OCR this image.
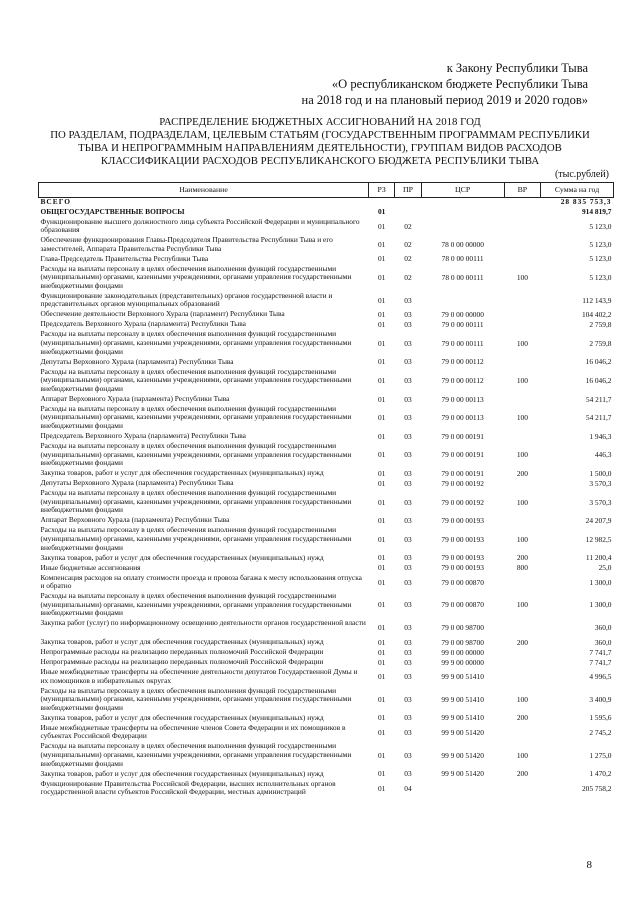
к Закону Республики Тыва
«О республиканском бюджете Республики Тыва
на 2018 год и на плановый период 2019 и 2020 годов»
РАСПРЕДЕЛЕНИЕ БЮДЖЕТНЫХ АССИГНОВАНИЙ НА 2018 ГОД
ПО РАЗДЕЛАМ, ПОДРАЗДЕЛАМ, ЦЕЛЕВЫМ СТАТЬЯМ (ГОСУДАРСТВЕННЫМ ПРОГРАММАМ РЕСПУБЛИКИ
ТЫВА И НЕПРОГРАММНЫМ НАПРАВЛЕНИЯМ ДЕЯТЕЛЬНОСТИ), ГРУППАМ ВИДОВ РАСХОДОВ
КЛАССИФИКАЦИИ РАСХОДОВ РЕСПУБЛИКАНСКОГО БЮДЖЕТА РЕСПУБЛИКИ ТЫВА
(тыс.рублей)
Наименование	РЗ	ПР	ЦСР	ВР	Сумма на год
ВСЕГО					28 835 753,3
ОБЩЕГОСУДАРСТВЕННЫЕ ВОПРОСЫ	01				914 819,7
Функционирование высшего должностного лица субъекта Российской Федерации и муниципального образования	01	02			5 123,0
Обеспечение функционирования Главы-Председателя Правительства Республики Тыва и его заместителей, Аппарата Правительства Республики Тыва	01	02	78 0 00 00000		5 123,0
Глава-Председатель Правительства Республики Тыва	01	02	78 0 00 00111		5 123,0
Расходы на выплаты персоналу в целях обеспечения выполнения функций государственными (муниципальными) органами, казенными учреждениями, органами управления государственными внебюджетными фондами	01	02	78 0 00 00111	100	5 123,0
Функционирование законодательных (представительных) органов государственной власти и представительных органов муниципальных образований	01	03			112 143,9
Обеспечение деятельности Верховного Хурала (парламент) Республики Тыва	01	03	79 0 00 00000		104 402,2
Председатель Верховного Хурала (парламента) Республики Тыва	01	03	79 0 00 00111		2 759,8
Расходы на выплаты персоналу в целях обеспечения выполнения функций государственными (муниципальными) органами, казенными учреждениями, органами управления государственными внебюджетными фондами	01	03	79 0 00 00111	100	2 759,8
Депутаты Верховного Хурала (парламента) Республики Тыва	01	03	79 0 00 00112		16 046,2
Расходы на выплаты персоналу в целях обеспечения выполнения функций государственными (муниципальными) органами, казенными учреждениями, органами управления государственными внебюджетными фондами	01	03	79 0 00 00112	100	16 046,2
Аппарат Верховного Хурала (парламента) Республики Тыва	01	03	79 0 00 00113		54 211,7
Расходы на выплаты персоналу в целях обеспечения выполнения функций государственными (муниципальными) органами, казенными учреждениями, органами управления государственными внебюджетными фондами	01	03	79 0 00 00113	100	54 211,7
Председатель Верховного Хурала (парламента) Республики Тыва	01	03	79 0 00 00191		1 946,3
Расходы на выплаты персоналу в целях обеспечения выполнения функций государственными (муниципальными) органами, казенными учреждениями, органами управления государственными внебюджетными фондами	01	03	79 0 00 00191	100	446,3
Закупка товаров, работ и услуг для обеспечения государственных (муниципальных) нужд	01	03	79 0 00 00191	200	1 500,0
Депутаты Верховного Хурала (парламента) Республики Тыва	01	03	79 0 00 00192		3 570,3
Расходы на выплаты персоналу в целях обеспечения выполнения функций государственными (муниципальными) органами, казенными учреждениями, органами управления государственными внебюджетными фондами	01	03	79 0 00 00192	100	3 570,3
Аппарат Верховного Хурала (парламента) Республики Тыва	01	03	79 0 00 00193		24 207,9
Расходы на выплаты персоналу в целях обеспечения выполнения функций государственными (муниципальными) органами, казенными учреждениями, органами управления государственными внебюджетными фондами	01	03	79 0 00 00193	100	12 982,5
Закупка товаров, работ и услуг для обеспечения государственных (муниципальных) нужд	01	03	79 0 00 00193	200	11 200,4
Иные бюджетные ассигнования	01	03	79 0 00 00193	800	25,0
Компенсация расходов на оплату стоимости проезда и провоза багажа к месту использования отпуска и обратно	01	03	79 0 00 00870		1 300,0
Расходы на выплаты персоналу в целях обеспечения выполнения функций государственными (муниципальными) органами, казенными учреждениями, органами управления государственными внебюджетными фондами	01	03	79 0 00 00870	100	1 300,0
Закупка работ (услуг) по информационному освещению деятельности органов государственной власти	01	03	79 0 00 98700		360,0
Закупка товаров, работ и услуг для обеспечения государственных (муниципальных) нужд	01	03	79 0 00 98700	200	360,0
Непрограммные расходы на реализацию переданных полномочий Российской Федерации	01	03	99 0 00 00000		7 741,7
Непрограммные расходы на реализацию переданных полномочий Российской Федерации	01	03	99 9 00 00000		7 741,7
Иные межбюджетные трансферты на обеспечение деятельности депутатов Государственной Думы и их помощников в избирательных округах	01	03	99 9 00 51410		4 996,5
Расходы на выплаты персоналу в целях обеспечения выполнения функций государственными (муниципальными) органами, казенными учреждениями, органами управления государственными внебюджетными фондами	01	03	99 9 00 51410	100	3 400,9
Закупка товаров, работ и услуг для обеспечения государственных (муниципальных) нужд	01	03	99 9 00 51410	200	1 595,6
Иные межбюджетные трансферты на обеспечение членов Совета Федерации и их помощников в субъектах Российской Федерации	01	03	99 9 00 51420		2 745,2
Расходы на выплаты персоналу в целях обеспечения выполнения функций государственными (муниципальными) органами, казенными учреждениями, органами управления государственными внебюджетными фондами	01	03	99 9 00 51420	100	1 275,0
Закупка товаров, работ и услуг для обеспечения государственных (муниципальных) нужд	01	03	99 9 00 51420	200	1 470,2
Функционирование Правительства Российской Федерации, высших исполнительных органов государственной власти субъектов Российской Федерации, местных администраций	01	04			205 758,2
8
